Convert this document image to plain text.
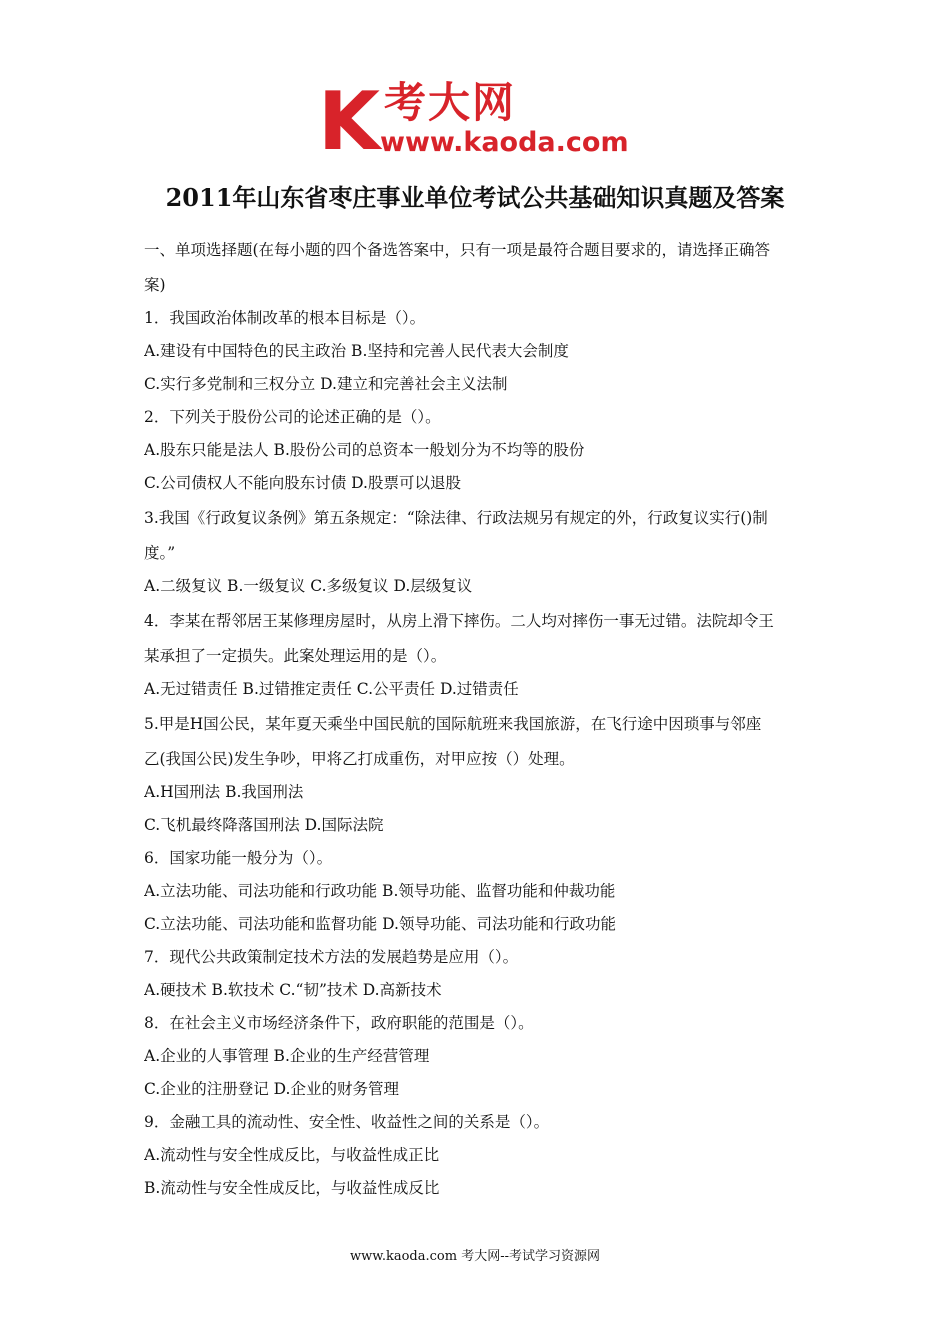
K 考大网
www.kaoda.com
2011年山东省枣庄事业单位考试公共基础知识真题及答案
一、单项选择题(在每小题的四个备选答案中，只有一项是最符合题目要求的，请选择正确答
案)
1．我国政治体制改革的根本目标是（）。
A.建设有中国特色的民主政治 B.坚持和完善人民代表大会制度
C.实行多党制和三权分立 D.建立和完善社会主义法制
2．下列关于股份公司的论述正确的是（）。
A.股东只能是法人 B.股份公司的总资本一般划分为不均等的股份
C.公司债权人不能向股东讨债 D.股票可以退股
3.我国《行政复议条例》第五条规定：“除法律、行政法规另有规定的外，行政复议实行()制
度。”
A.二级复议 B.一级复议 C.多级复议 D.层级复议
4．李某在帮邻居王某修理房屋时，从房上滑下摔伤。二人均对摔伤一事无过错。法院却令王
某承担了一定损失。此案处理运用的是（）。
A.无过错责任 B.过错推定责任 C.公平责任 D.过错责任
5.甲是H国公民，某年夏天乘坐中国民航的国际航班来我国旅游，在飞行途中因琐事与邻座
乙(我国公民)发生争吵，甲将乙打成重伤，对甲应按（）处理。
A.H国刑法 B.我国刑法
C.飞机最终降落国刑法 D.国际法院
6．国家功能一般分为（）。
A.立法功能、司法功能和行政功能 B.领导功能、监督功能和仲裁功能
C.立法功能、司法功能和监督功能 D.领导功能、司法功能和行政功能
7．现代公共政策制定技术方法的发展趋势是应用（）。
A.硬技术 B.软技术 C.“韧”技术 D.高新技术
8．在社会主义市场经济条件下，政府职能的范围是（）。
A.企业的人事管理 B.企业的生产经营管理
C.企业的注册登记 D.企业的财务管理
9．金融工具的流动性、安全性、收益性之间的关系是（）。
A.流动性与安全性成反比，与收益性成正比
B.流动性与安全性成反比，与收益性成反比
www.kaoda.com 考大网--考试学习资源网
